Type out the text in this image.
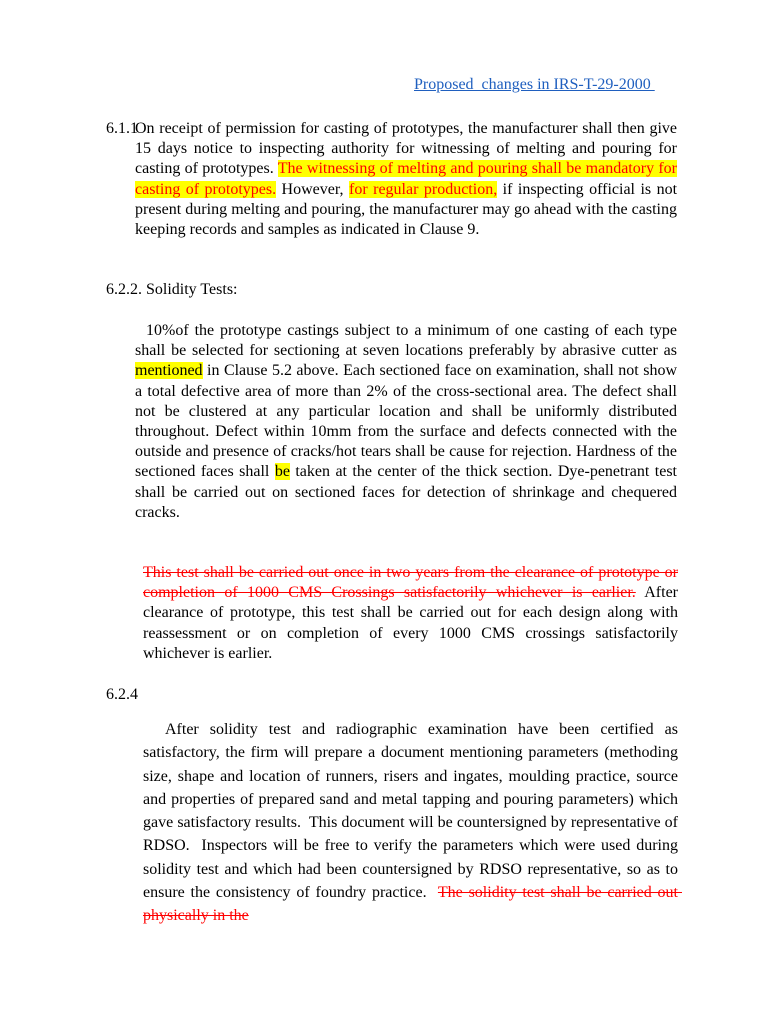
Proposed  changes in IRS-T-29-2000
6.1.1
On receipt of permission for casting of prototypes, the manufacturer shall then give 15 days notice to inspecting authority for witnessing of melting and pouring for casting of prototypes. The witnessing of melting and pouring shall be mandatory for casting of prototypes. However, for regular production, if inspecting official is not present during melting and pouring, the manufacturer may go ahead with the casting keeping records and samples as indicated in Clause 9.
6.2.2. Solidity Tests:
10%of the prototype castings subject to a minimum of one casting of each type shall be selected for sectioning at seven locations preferably by abrasive cutter as mentioned in Clause 5.2 above. Each sectioned face on examination, shall not show a total defective area of more than 2% of the cross-sectional area. The defect shall not be clustered at any particular location and shall be uniformly distributed throughout. Defect within 10mm from the surface and defects connected with the outside and presence of cracks/hot tears shall be cause for rejection. Hardness of the sectioned faces shall be taken at the center of the thick section. Dye-penetrant test shall be carried out on sectioned faces for detection of shrinkage and chequered cracks.
This test shall be carried out once in two years from the clearance of prototype or completion of 1000 CMS Crossings satisfactorily whichever is earlier. After clearance of prototype, this test shall be carried out for each design along with reassessment or on completion of every 1000 CMS crossings satisfactorily whichever is earlier.
6.2.4
After solidity test and radiographic examination have been certified as satisfactory, the firm will prepare a document mentioning parameters (methoding size, shape and location of runners, risers and ingates, moulding practice, source and properties of prepared sand and metal tapping and pouring parameters) which gave satisfactory results.  This document will be countersigned by representative of RDSO.  Inspectors will be free to verify the parameters which were used during solidity test and which had been countersigned by RDSO representative, so as to ensure the consistency of foundry practice.  The solidity test shall be carried out physically in the
